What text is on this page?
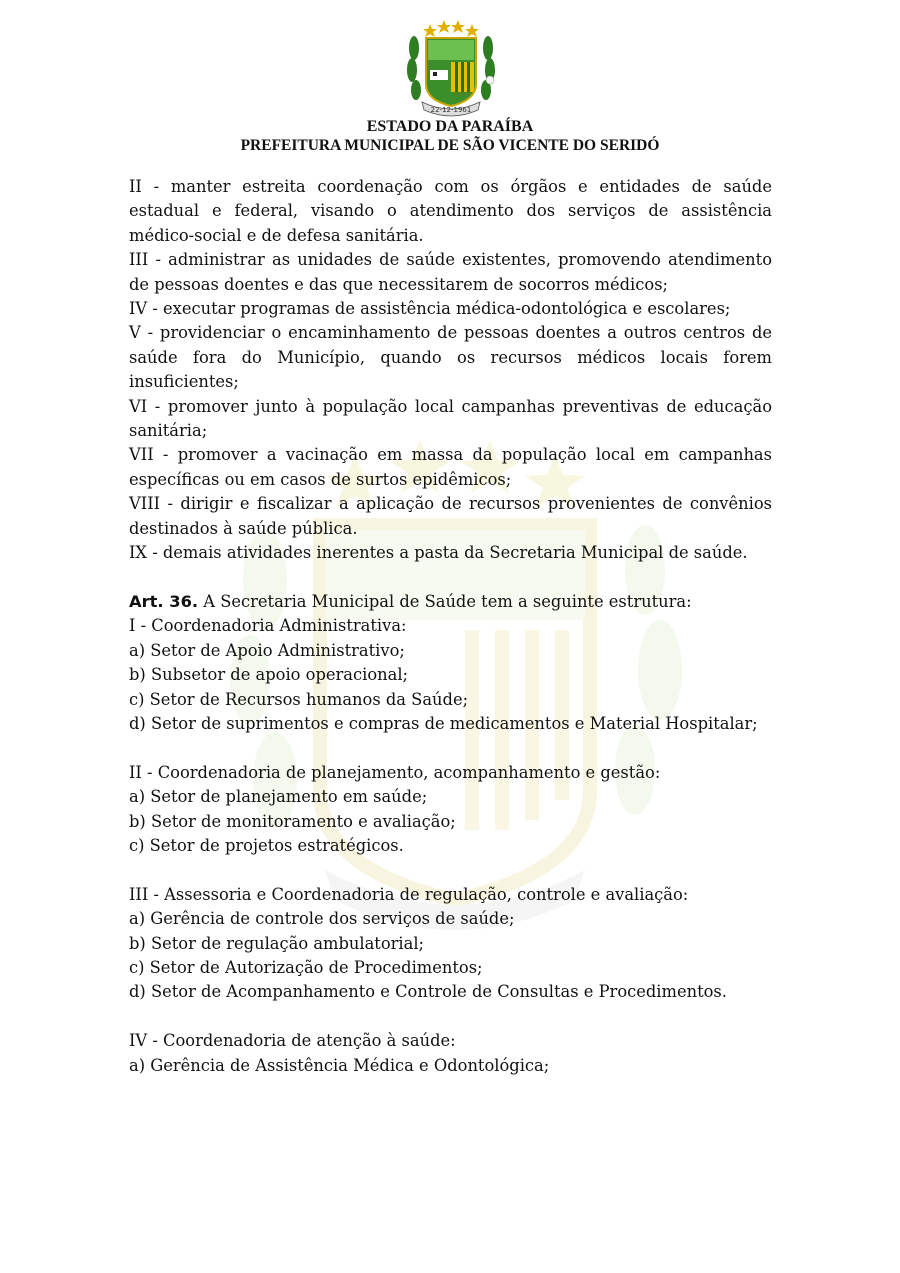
22-12-1961
ESTADO DA PARAÍBA
PREFEITURA MUNICIPAL DE SÃO VICENTE DO SERIDÓ

II - manter estreita coordenação com os órgãos e entidades de saúde estadual e federal, visando o atendimento dos serviços de assistência médico-social e de defesa sanitária.

III - administrar as unidades de saúde existentes, promovendo atendimento de pessoas doentes e das que necessitarem de socorros médicos;

IV - executar programas de assistência médica-odontológica e escolares;

V - providenciar o encaminhamento de pessoas doentes a outros centros de saúde fora do Município, quando os recursos médicos locais forem insuficientes;

VI - promover junto à população local campanhas preventivas de educação sanitária;

VII - promover a vacinação em massa da população local em campanhas específicas ou em casos de surtos epidêmicos;

VIII - dirigir e fiscalizar a aplicação de recursos provenientes de convênios destinados à saúde pública.

IX - demais atividades inerentes a pasta da Secretaria Municipal de saúde.

Art. 36. A Secretaria Municipal de Saúde tem a seguinte estrutura:

I - Coordenadoria Administrativa:

a) Setor de Apoio Administrativo;

b) Subsetor de apoio operacional;

c) Setor de Recursos humanos da Saúde;

d) Setor de suprimentos e compras de medicamentos e Material Hospitalar;

II - Coordenadoria de planejamento, acompanhamento e gestão:

a) Setor de planejamento em saúde;

b) Setor de monitoramento e avaliação;

c) Setor de projetos estratégicos.

III - Assessoria e Coordenadoria de regulação, controle e avaliação:

a) Gerência de controle dos serviços de saúde;

b) Setor de regulação ambulatorial;

c) Setor de Autorização de Procedimentos;

d) Setor de Acompanhamento e Controle de Consultas e Procedimentos.

IV - Coordenadoria de atenção à saúde:

a) Gerência de Assistência Médica e Odontológica;
